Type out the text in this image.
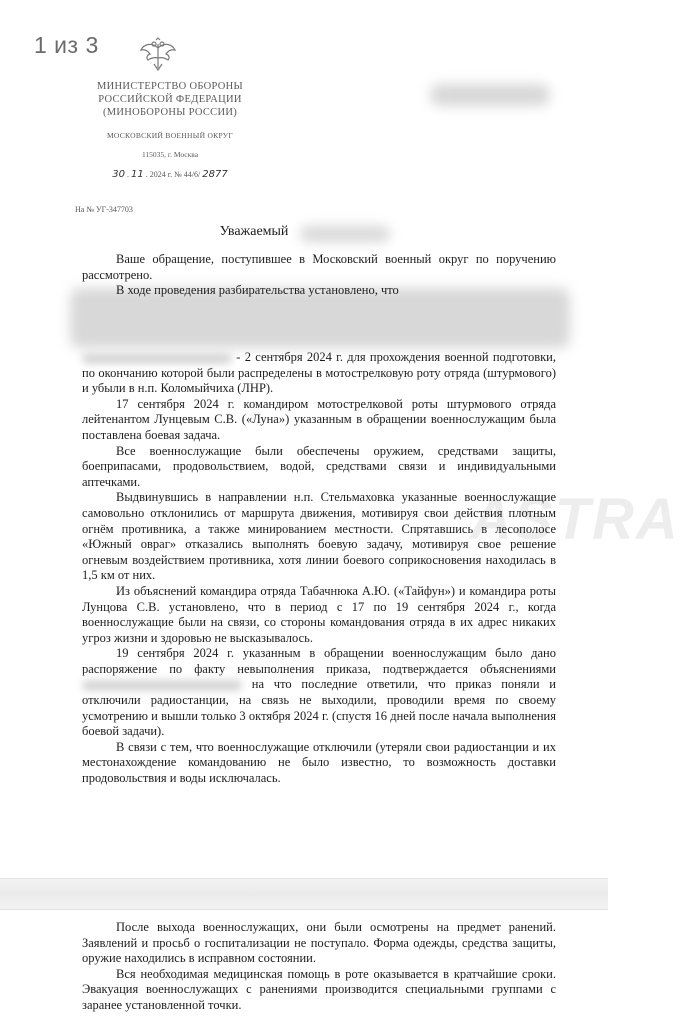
1 из 3
МИНИСТЕРСТВО ОБОРОНЫ
РОССИЙСКОЙ ФЕДЕРАЦИИ
(МИНОБОРОНЫ РОССИИ)
МОСКОВСКИЙ ВОЕННЫЙ ОКРУГ
115035, г. Москва
30 . 11 . 2024 г. № 44/6/ 2877
На № УГ-347703
Уважаемый

Ваше обращение, поступившее в Московский военный округ по поручению рассмотрено.

В ходе проведения разбирательства установлено, что

- 2 сентября 2024 г. для прохождения военной подготовки, по окончанию которой были распределены в мотострелковую роту отряда (штурмового) и убыли в н.п. Коломыйчиха (ЛНР).

17 сентября 2024 г. командиром мотострелковой роты штурмового отряда лейтенантом Лунцевым С.В. («Луна») указанным в обращении военнослужащим была поставлена боевая задача.

Все военнослужащие были обеспечены оружием, средствами защиты, боеприпасами, продовольствием, водой, средствами связи и индивидуальными аптечками.

Выдвинувшись в направлении н.п. Стельмаховка указанные военнослужащие самовольно отклонились от маршрута движения, мотивируя свои действия плотным огнём противника, а также минированием местности. Спрятавшись в лесополосе «Южный овраг» отказались выполнять боевую задачу, мотивируя свое решение огневым воздействием противника, хотя линии боевого соприкосновения находилась в 1,5 км от них.

Из объяснений командира отряда Табачнюка А.Ю. («Тайфун») и командира роты Лунцова С.В. установлено, что в период с 17 по 19 сентября 2024 г., когда военнослужащие были на связи, со стороны командования отряда в их адрес никаких угроз жизни и здоровью не высказывалось.

19 сентября 2024 г. указанным в обращении военнослужащим было дано распоряжение по факту невыполнения приказа, подтверждается объяснениями  на что последние ответили, что приказ поняли и отключили радиостанции, на связь не выходили, проводили время по своему усмотрению и вышли только 3 октября 2024 г. (спустя 16 дней после начала выполнения боевой задачи).

В связи с тем, что военнослужащие отключили (утеряли свои радиостанции и их местонахождение командованию не было известно, то возможность доставки продовольствия и воды исключалась.

ASTRA

После выхода военнослужащих, они были осмотрены на предмет ранений. Заявлений и просьб о госпитализации не поступало. Форма одежды, средства защиты, оружие находились в исправном состоянии.

Вся необходимая медицинская помощь в роте оказывается в кратчайшие сроки. Эвакуация военнослужащих с ранениями производится специальными группами с заранее установленной точки.
